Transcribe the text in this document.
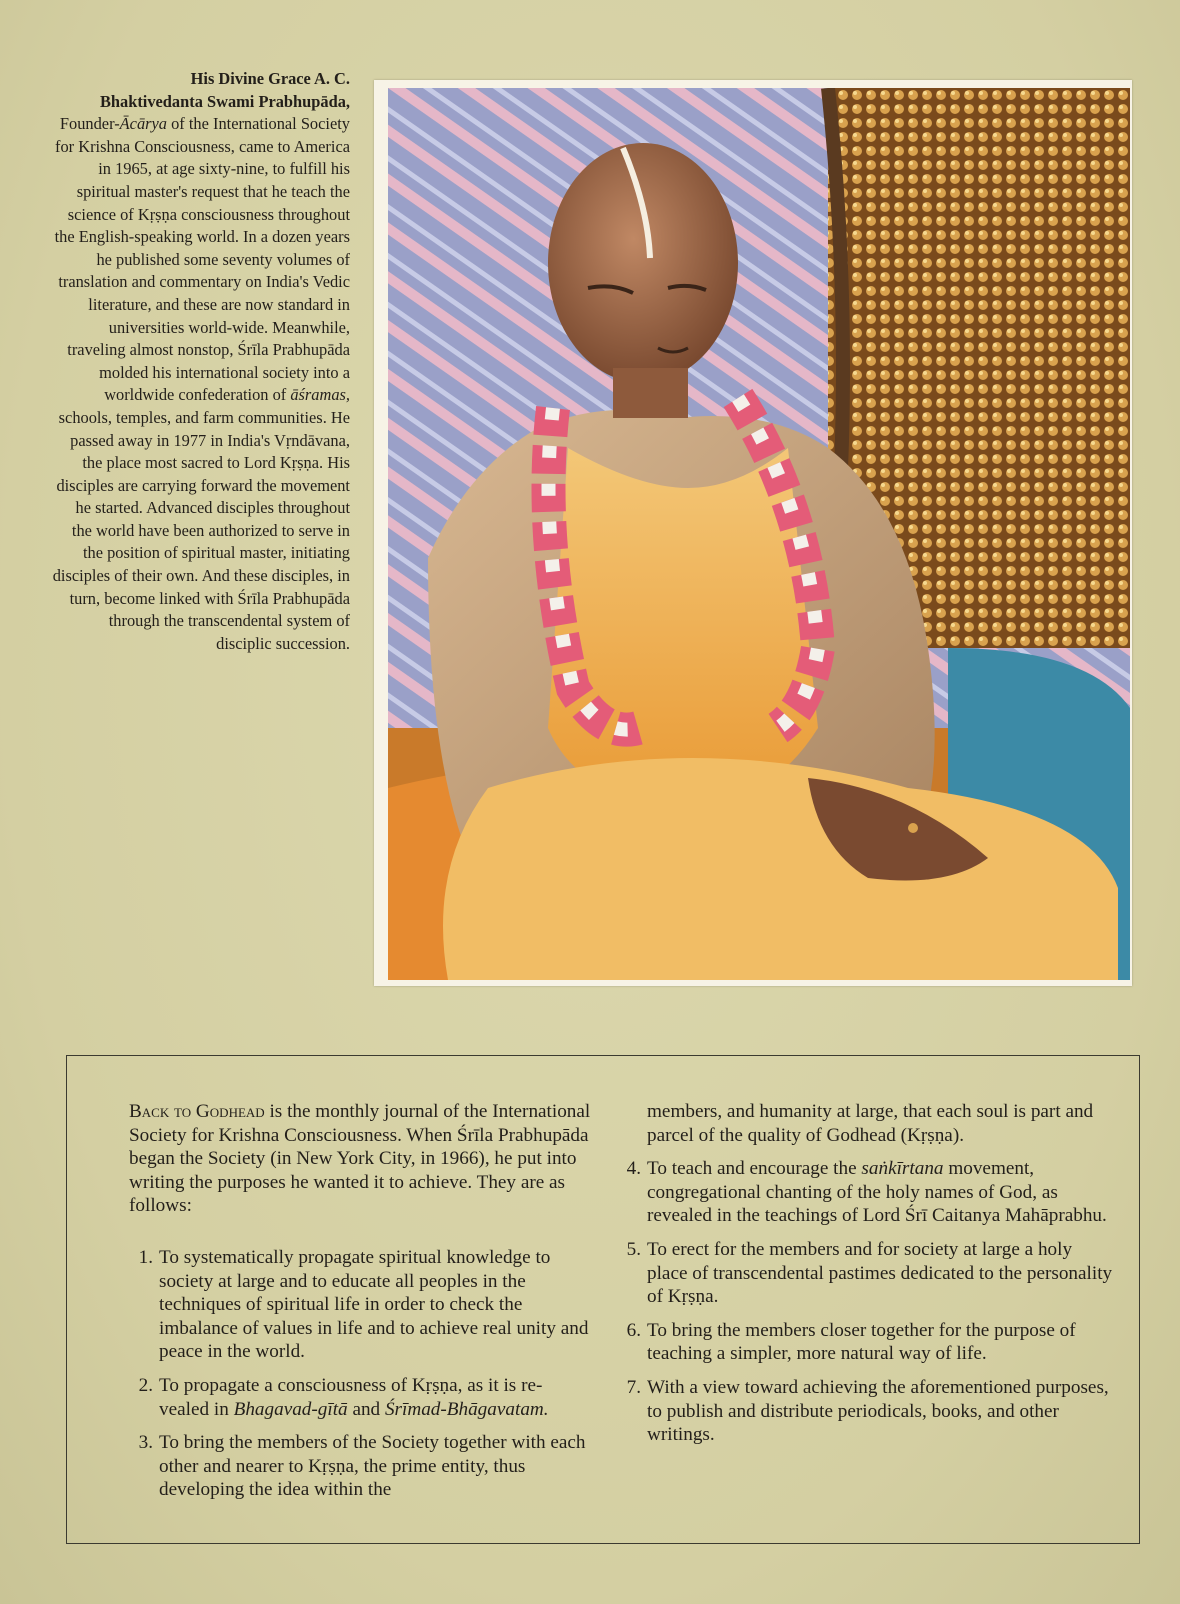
His Divine Grace A. C.
Bhaktivedanta Swami Prabhupāda,
Founder-Ācārya of the International Society for Krishna Consciousness, came to America in 1965, at age sixty-nine, to fulfill his spiritual master's request that he teach the science of Kṛṣṇa consciousness throughout the English-speaking world. In a dozen years he published some seventy volumes of translation and commentary on India's Vedic literature, and these are now standard in universities world-wide. Meanwhile, traveling almost nonstop, Śrīla Prabhupāda molded his international society into a worldwide confederation of āśramas, schools, temples, and farm communities. He passed away in 1977 in India's Vṛndāvana, the place most sacred to Lord Kṛṣṇa. His disciples are carrying forward the movement he started. Advanced disciples throughout the world have been authorized to serve in the position of spiritual master, initiating disciples of their own. And these disciples, in turn, become linked with Śrīla Prabhupāda through the transcendental system of disciplic succession.

Back to Godhead is the monthly journal of the International Society for Krishna Consciousness. When Śrīla Prabhupāda began the Society (in New York City, in 1966), he put into writing the purposes he wanted it to achieve. They are as follows:

1. To systematically propagate spiritual knowledge to society at large and to educate all peoples in the techniques of spiritual life in order to check the imbalance of values in life and to achieve real unity and peace in the world.
2. To propagate a consciousness of Kṛṣṇa, as it is re-vealed in Bhagavad-gītā and Śrīmad-Bhāgavatam.
3. To bring the members of the Society together with each other and nearer to Kṛṣṇa, the prime entity, thus developing the idea within the
members, and humanity at large, that each soul is part and parcel of the quality of Godhead (Kṛṣṇa).
4. To teach and encourage the saṅkīrtana movement, congregational chanting of the holy names of God, as revealed in the teachings of Lord Śrī Caitanya Mahāprabhu.
5. To erect for the members and for society at large a holy place of transcendental pastimes dedicated to the personality of Kṛṣṇa.
6. To bring the members closer together for the purpose of teaching a simpler, more natural way of life.
7. With a view toward achieving the aforementioned purposes, to publish and distribute periodicals, books, and other writings.
